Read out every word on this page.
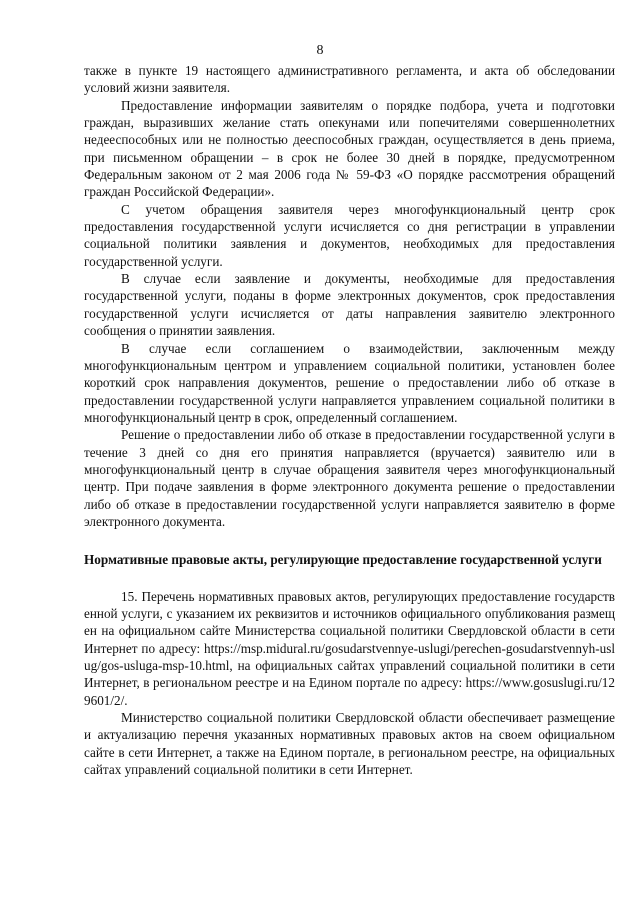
8

также в пункте 19 настоящего административного регламента, и акта об обследовании условий жизни заявителя.

Предоставление информации заявителям о порядке подбора, учета и подготовки граждан, выразивших желание стать опекунами или попечителями совершеннолетних недееспособных или не полностью дееспособных граждан, осуществляется в день приема, при письменном обращении – в срок не более 30 дней в порядке, предусмотренном Федеральным законом от 2 мая 2006 года № 59-ФЗ «О порядке рассмотрения обращений граждан Российской Федерации».

С учетом обращения заявителя через многофункциональный центр срок предоставления государственной услуги исчисляется со дня регистрации в управлении социальной политики заявления и документов, необходимых для предоставления государственной услуги.

В случае если заявление и документы, необходимые для предоставления государственной услуги, поданы в форме электронных документов, срок предоставления государственной услуги исчисляется от даты направления заявителю электронного сообщения о принятии заявления.

В случае если соглашением о взаимодействии, заключенным между многофункциональным центром и управлением социальной политики, установлен более короткий срок направления документов, решение о предоставлении либо об отказе в предоставлении государственной услуги направляется управлением социальной политики в многофункциональный центр в срок, определенный соглашением.

Решение о предоставлении либо об отказе в предоставлении государственной услуги в течение 3 дней со дня его принятия направляется (вручается) заявителю или в многофункциональный центр в случае обращения заявителя через многофункциональный центр. При подаче заявления в форме электронного документа решение о предоставлении либо об отказе в предоставлении государственной услуги направляется заявителю в форме электронного документа.

Нормативные правовые акты, регулирующие предоставление государственной услуги

15. Перечень нормативных правовых актов, регулирующих предоставление государственной услуги, с указанием их реквизитов и источников официального опубликования размещен на официальном сайте Министерства социальной политики Свердловской области в сети Интернет по адресу: https://msp.midural.ru/gosudarstvennye-uslugi/perechen-gosudarstvennyh-uslug/gos-usluga-msp-10.html, на официальных сайтах управлений социальной политики в сети Интернет, в региональном реестре и на Едином портале по адресу: https://www.gosuslugi.ru/129601/2/.

Министерство социальной политики Свердловской области обеспечивает размещение и актуализацию перечня указанных нормативных правовых актов на своем официальном сайте в сети Интернет, а также на Едином портале, в региональном реестре, на официальных сайтах управлений социальной политики в сети Интернет.
